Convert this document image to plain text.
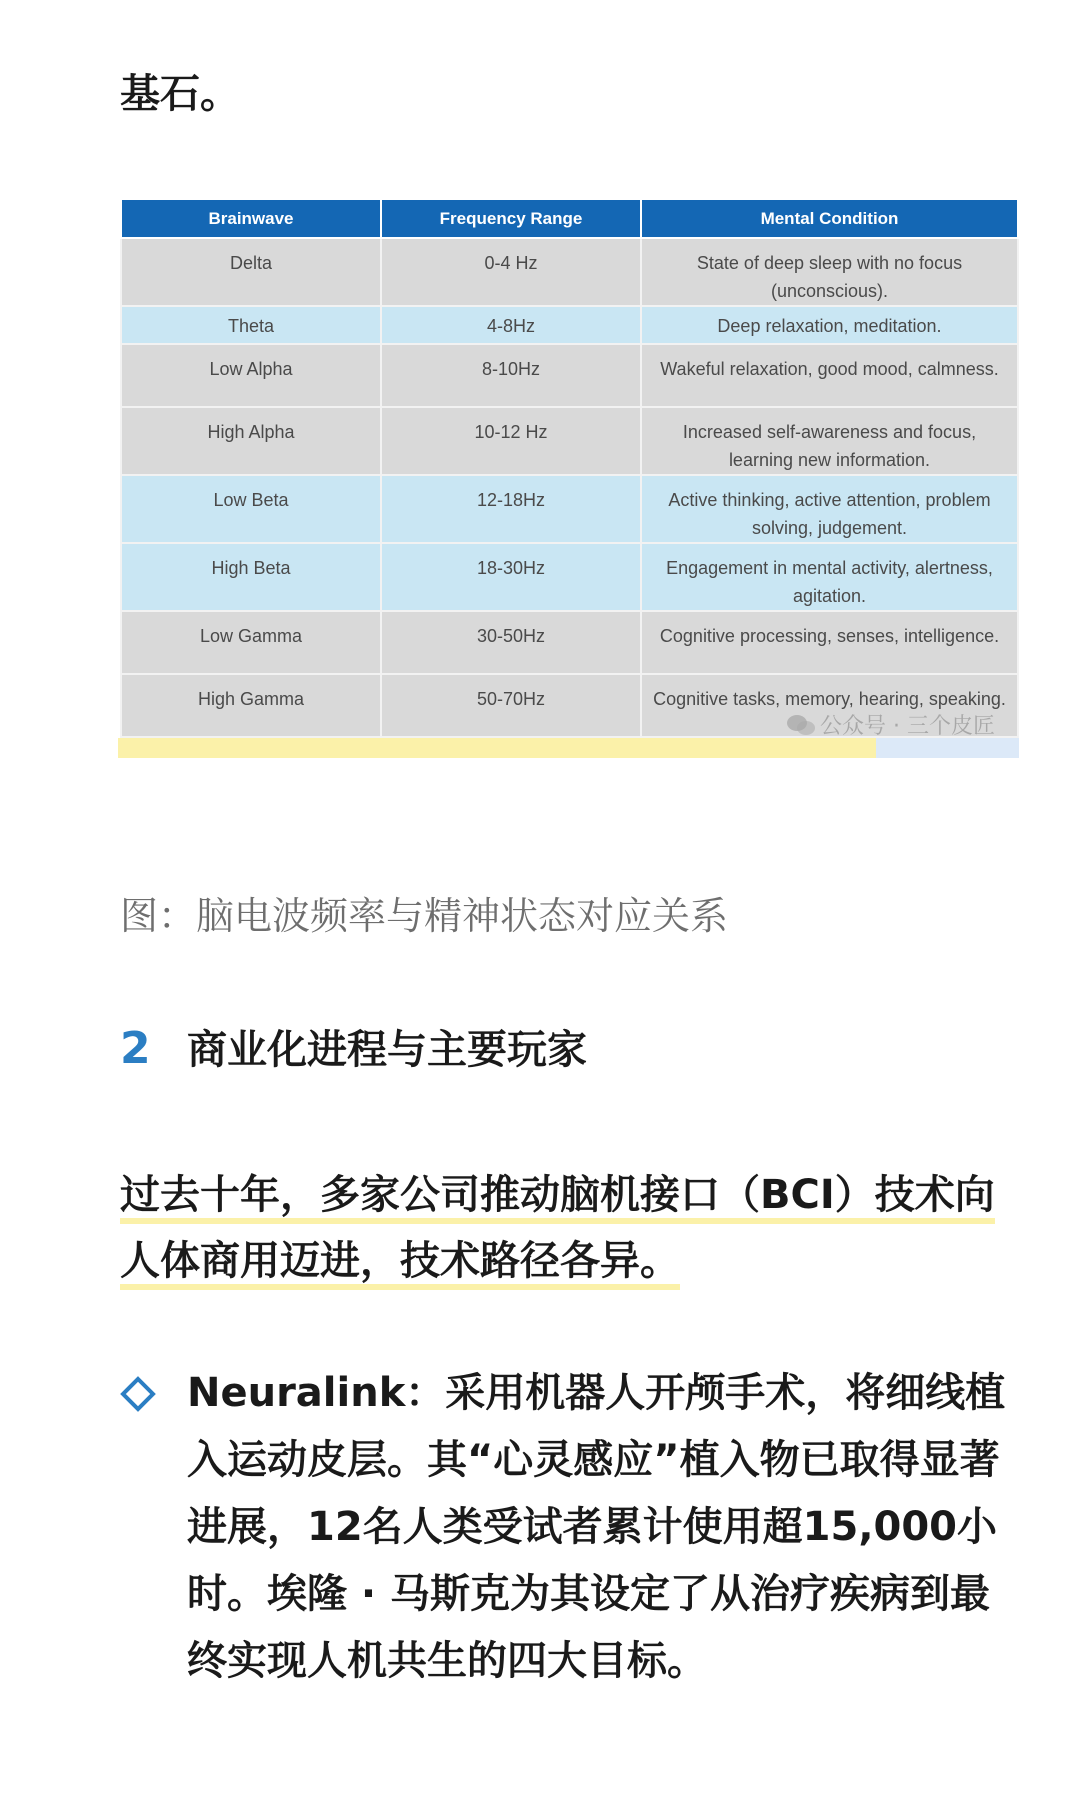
基石。
Brainwave	Frequency Range	Mental Condition
Delta	0-4 Hz	State of deep sleep with no focus (unconscious).
Theta	4-8Hz	Deep relaxation, meditation.
Low Alpha	8-10Hz	Wakeful relaxation, good mood, calmness.
High Alpha	10-12 Hz	Increased self-awareness and focus, learning new information.
Low Beta	12-18Hz	Active thinking, active attention, problem solving, judgement.
High Beta	18-30Hz	Engagement in mental activity, alertness, agitation.
Low Gamma	30-50Hz	Cognitive processing, senses, intelligence.
High Gamma	50-70Hz	Cognitive tasks, memory, hearing, speaking.
公众号 · 三个皮匠
图：脑电波频率与精神状态对应关系
2 商业化进程与主要玩家
过去十年，多家公司推动脑机接口（BCI）技术向
人体商用迈进，技术路径各异。
Neuralink：采用机器人开颅手术，将细线植入运动皮层。其“心灵感应”植入物已取得显著进展，12名人类受试者累计使用超15,000小时。埃隆 · 马斯克为其设定了从治疗疾病到最终实现人机共生的四大目标。
